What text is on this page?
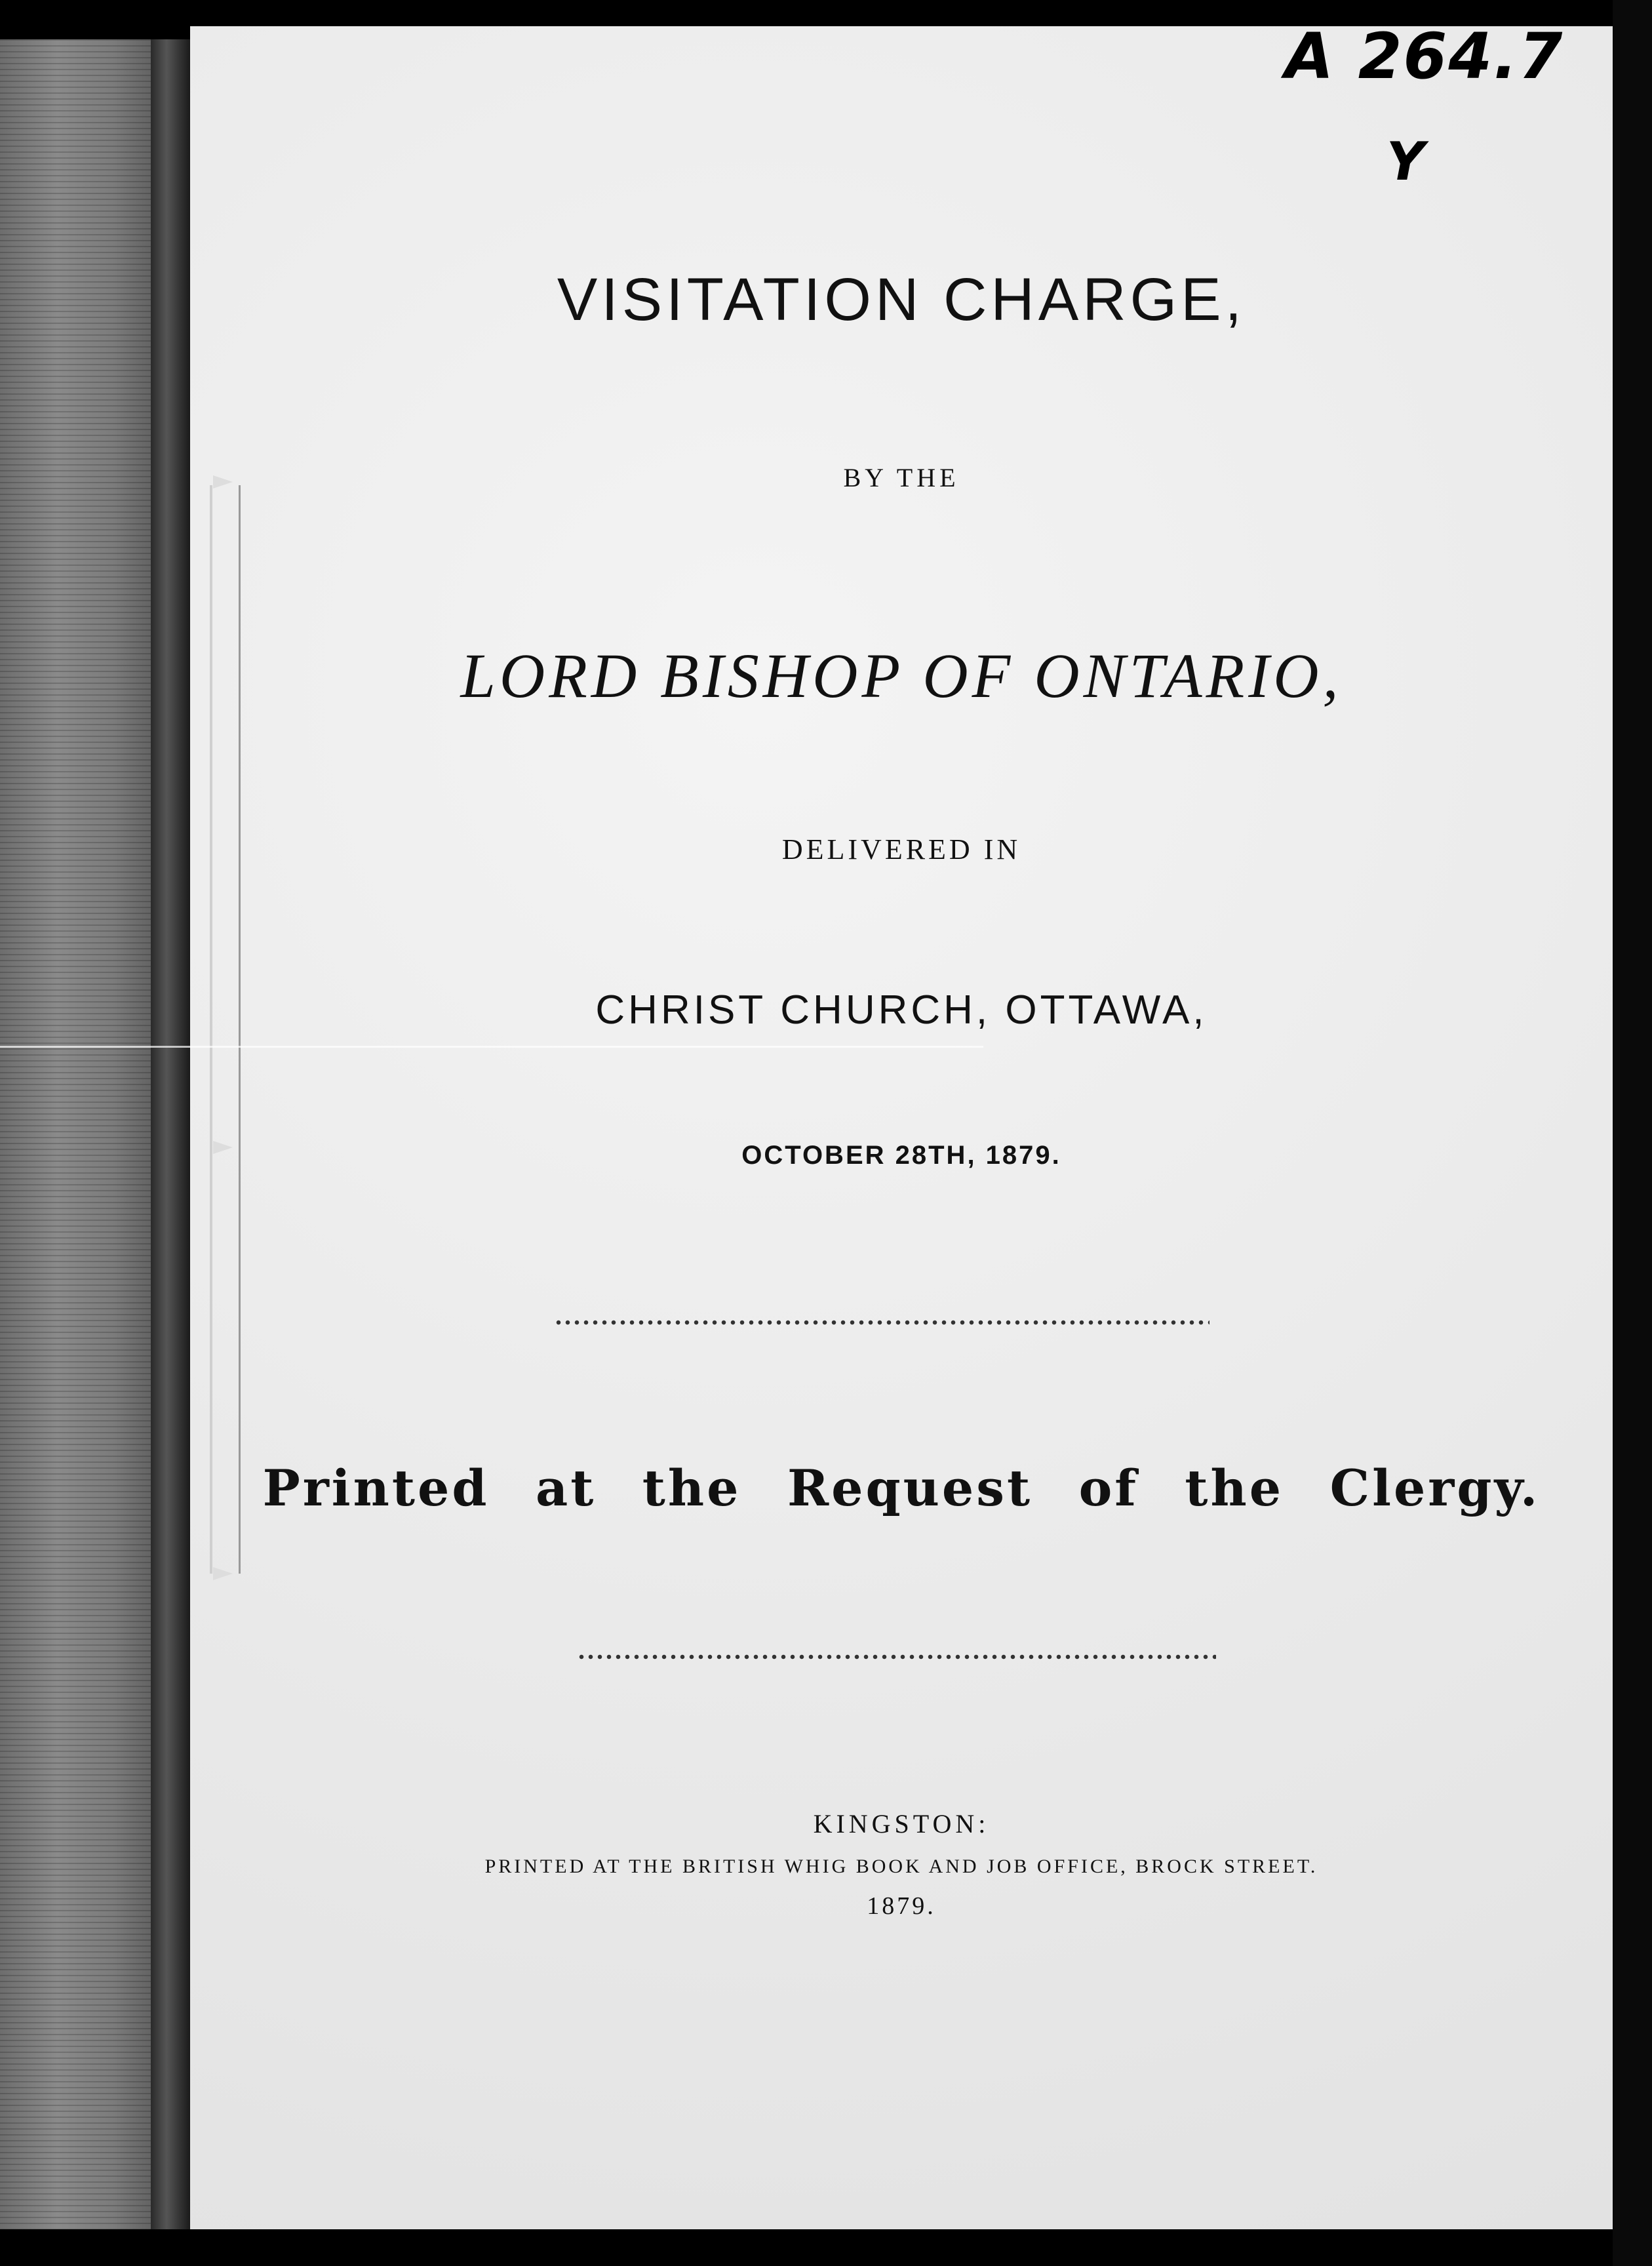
A 264.7
Y
VISITATION CHARGE,
BY THE
LORD BISHOP OF ONTARIO,
DELIVERED IN
CHRIST CHURCH, OTTAWA,
OCTOBER 28TH, 1879.
Printed at the Request of the Clergy.
KINGSTON:
PRINTED AT THE BRITISH WHIG BOOK AND JOB OFFICE, BROCK STREET.
1879.
